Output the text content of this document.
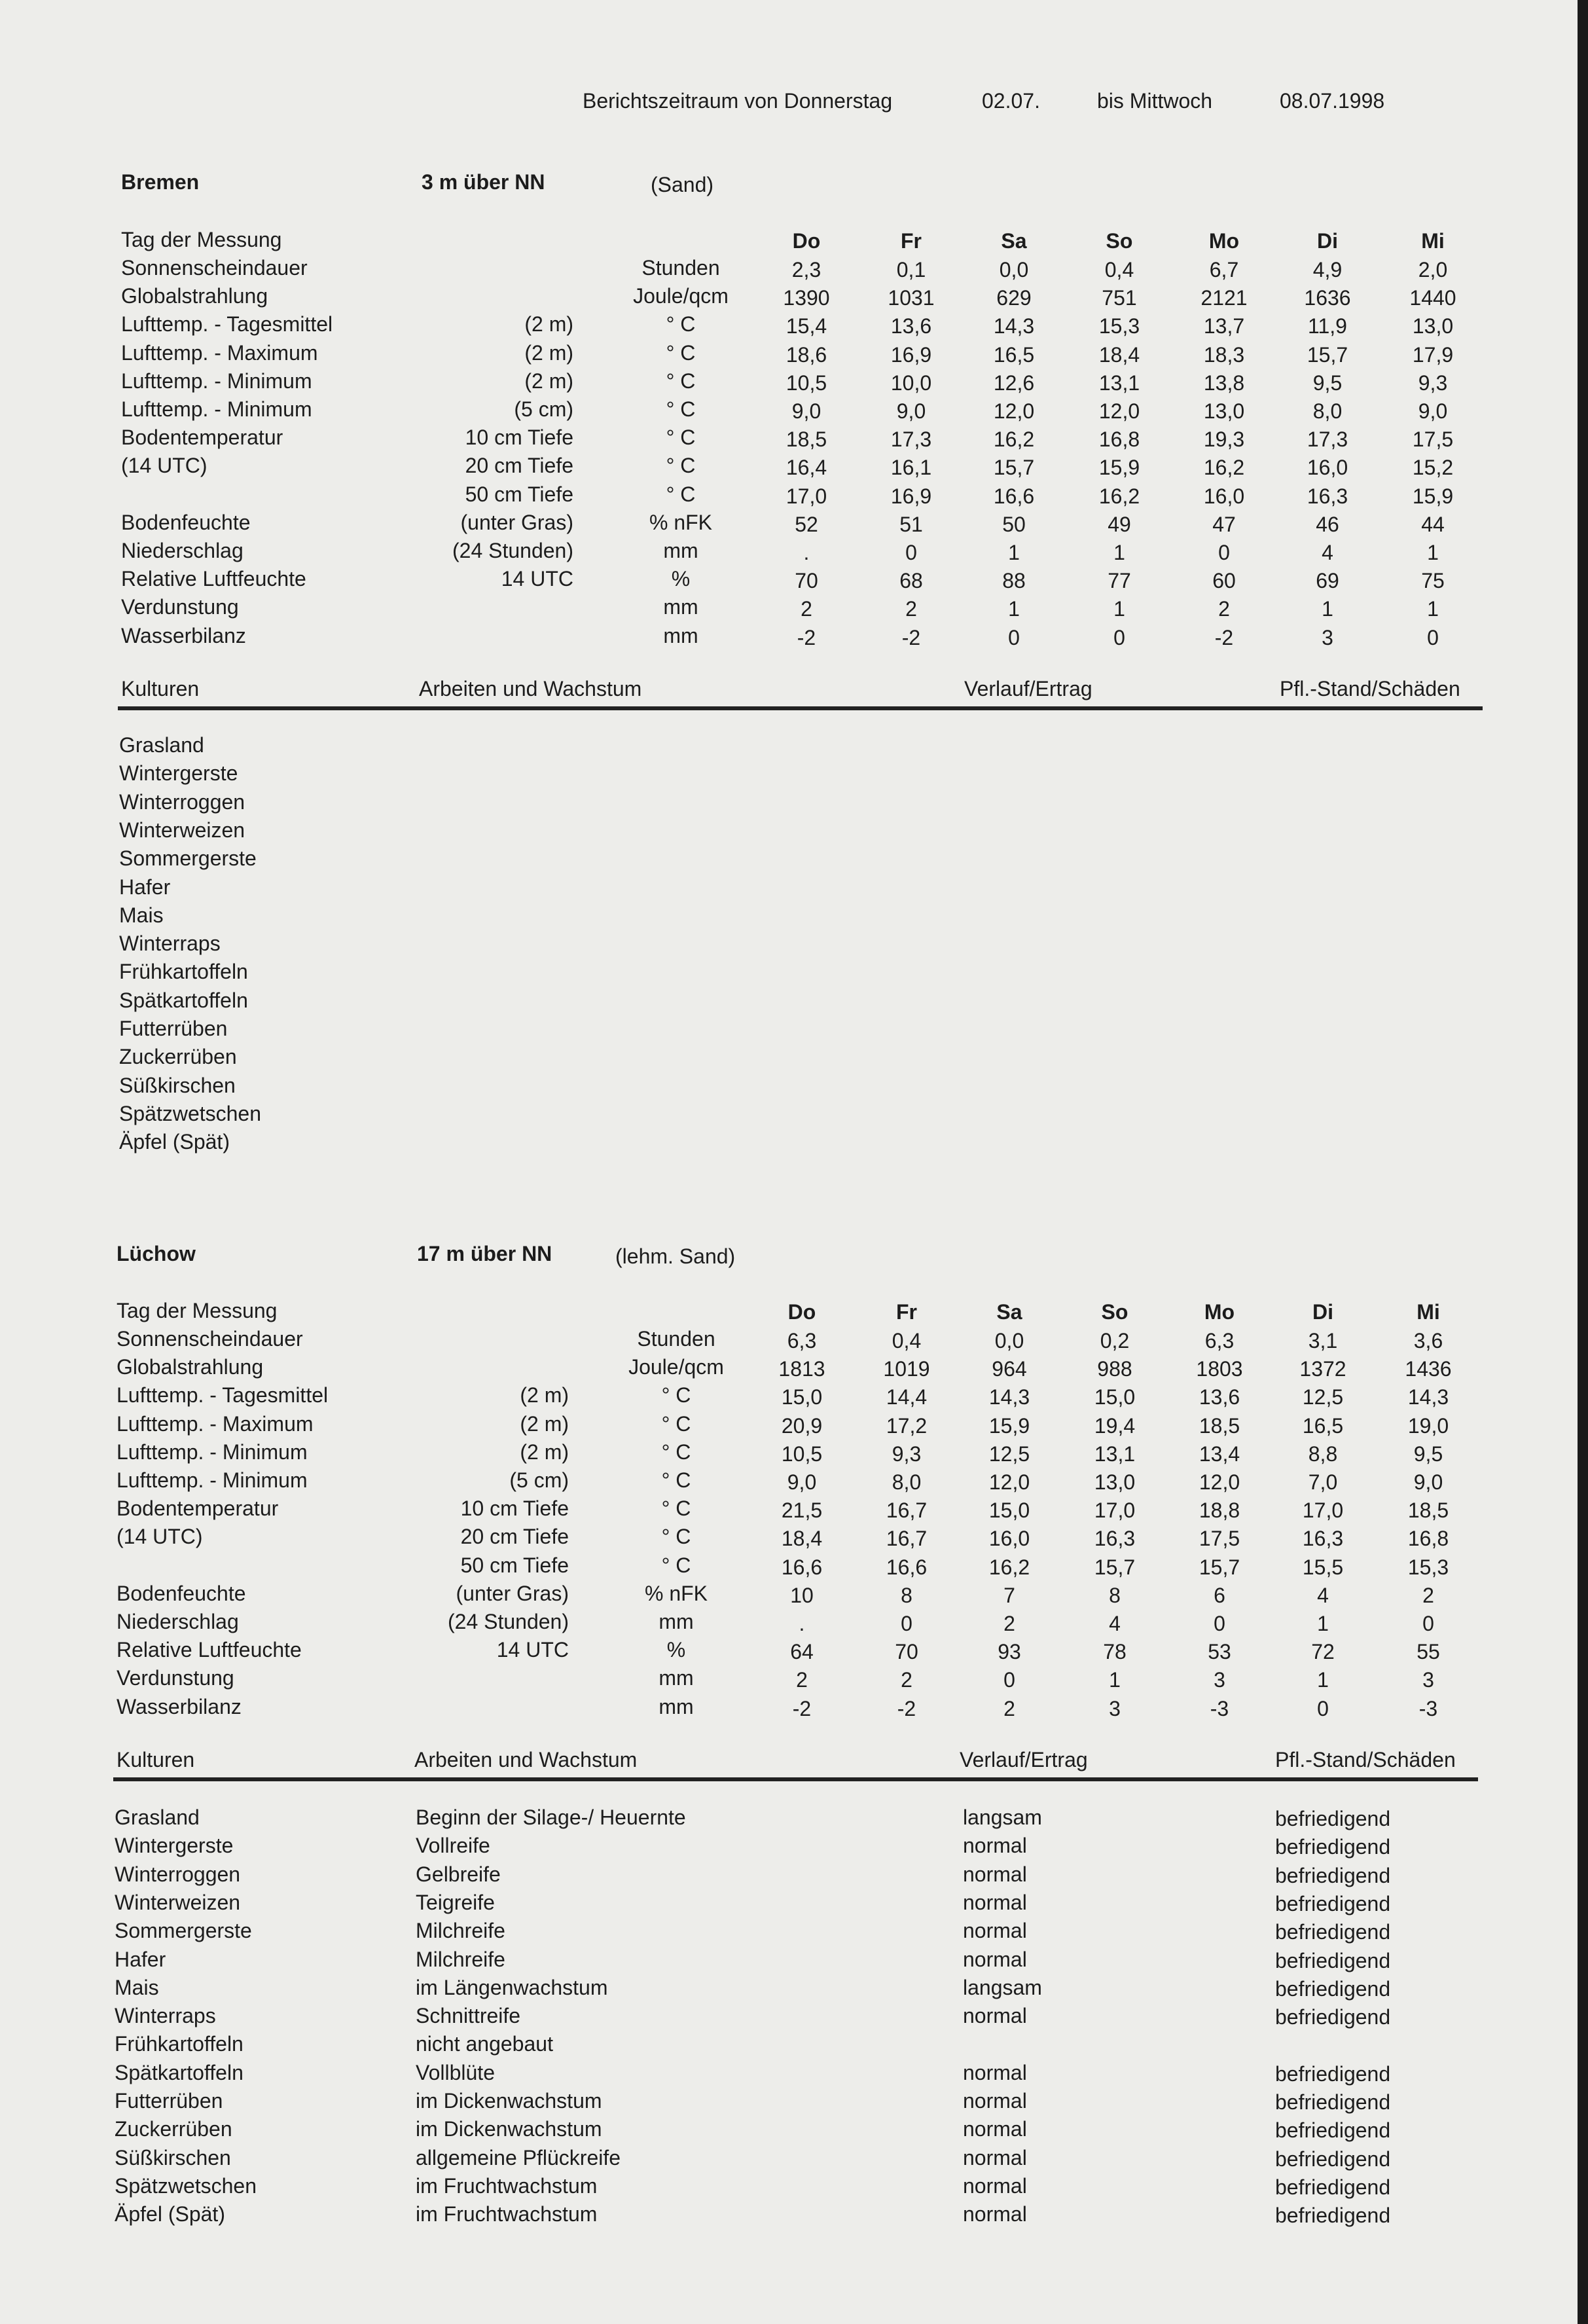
Berichtszeitraum von Donnerstag	02.07.	bis Mittwoch	08.07.1998
Bremen	3 m über NN	(Sand)
Tag der Messung	Do	Fr	Sa	So	Mo	Di	Mi
Sonnenscheindauer	Stunden	2,3	0,1	0,0	0,4	6,7	4,9	2,0
Globalstrahlung	Joule/qcm	1390	1031	629	751	2121	1636	1440
Lufttemp. - Tagesmittel	(2 m)	° C	15,4	13,6	14,3	15,3	13,7	11,9	13,0
Lufttemp. - Maximum	(2 m)	° C	18,6	16,9	16,5	18,4	18,3	15,7	17,9
Lufttemp. - Minimum	(2 m)	° C	10,5	10,0	12,6	13,1	13,8	9,5	9,3
Lufttemp. - Minimum	(5 cm)	° C	9,0	9,0	12,0	12,0	13,0	8,0	9,0
Bodentemperatur	10 cm Tiefe	° C	18,5	17,3	16,2	16,8	19,3	17,3	17,5
(14 UTC)	20 cm Tiefe	° C	16,4	16,1	15,7	15,9	16,2	16,0	15,2
50 cm Tiefe	° C	17,0	16,9	16,6	16,2	16,0	16,3	15,9
Bodenfeuchte	(unter Gras)	% nFK	52	51	50	49	47	46	44
Niederschlag	(24 Stunden)	mm	.	0	1	1	0	4	1
Relative Luftfeuchte	14 UTC	%	70	68	88	77	60	69	75
Verdunstung	mm	2	2	1	1	2	1	1
Wasserbilanz	mm	-2	-2	0	0	-2	3	0
Kulturen	Arbeiten und Wachstum	Verlauf/Ertrag	Pfl.-Stand/Schäden
Grasland
Wintergerste
Winterroggen
Winterweizen
Sommergerste
Hafer
Mais
Winterraps
Frühkartoffeln
Spätkartoffeln
Futterrüben
Zuckerrüben
Süßkirschen
Spätzwetschen
Äpfel (Spät)
Lüchow	17 m über NN	(lehm. Sand)
Tag der Messung	Do	Fr	Sa	So	Mo	Di	Mi
Sonnenscheindauer	Stunden	6,3	0,4	0,0	0,2	6,3	3,1	3,6
Globalstrahlung	Joule/qcm	1813	1019	964	988	1803	1372	1436
Lufttemp. - Tagesmittel	(2 m)	° C	15,0	14,4	14,3	15,0	13,6	12,5	14,3
Lufttemp. - Maximum	(2 m)	° C	20,9	17,2	15,9	19,4	18,5	16,5	19,0
Lufttemp. - Minimum	(2 m)	° C	10,5	9,3	12,5	13,1	13,4	8,8	9,5
Lufttemp. - Minimum	(5 cm)	° C	9,0	8,0	12,0	13,0	12,0	7,0	9,0
Bodentemperatur	10 cm Tiefe	° C	21,5	16,7	15,0	17,0	18,8	17,0	18,5
(14 UTC)	20 cm Tiefe	° C	18,4	16,7	16,0	16,3	17,5	16,3	16,8
50 cm Tiefe	° C	16,6	16,6	16,2	15,7	15,7	15,5	15,3
Bodenfeuchte	(unter Gras)	% nFK	10	8	7	8	6	4	2
Niederschlag	(24 Stunden)	mm	.	0	2	4	0	1	0
Relative Luftfeuchte	14 UTC	%	64	70	93	78	53	72	55
Verdunstung	mm	2	2	0	1	3	1	3
Wasserbilanz	mm	-2	-2	2	3	-3	0	-3
Kulturen	Arbeiten und Wachstum	Verlauf/Ertrag	Pfl.-Stand/Schäden
Grasland	Beginn der Silage-/ Heuernte	langsam	befriedigend
Wintergerste	Vollreife	normal	befriedigend
Winterroggen	Gelbreife	normal	befriedigend
Winterweizen	Teigreife	normal	befriedigend
Sommergerste	Milchreife	normal	befriedigend
Hafer	Milchreife	normal	befriedigend
Mais	im Längenwachstum	langsam	befriedigend
Winterraps	Schnittreife	normal	befriedigend
Frühkartoffeln	nicht angebaut
Spätkartoffeln	Vollblüte	normal	befriedigend
Futterrüben	im Dickenwachstum	normal	befriedigend
Zuckerrüben	im Dickenwachstum	normal	befriedigend
Süßkirschen	allgemeine Pflückreife	normal	befriedigend
Spätzwetschen	im Fruchtwachstum	normal	befriedigend
Äpfel (Spät)	im Fruchtwachstum	normal	befriedigend
